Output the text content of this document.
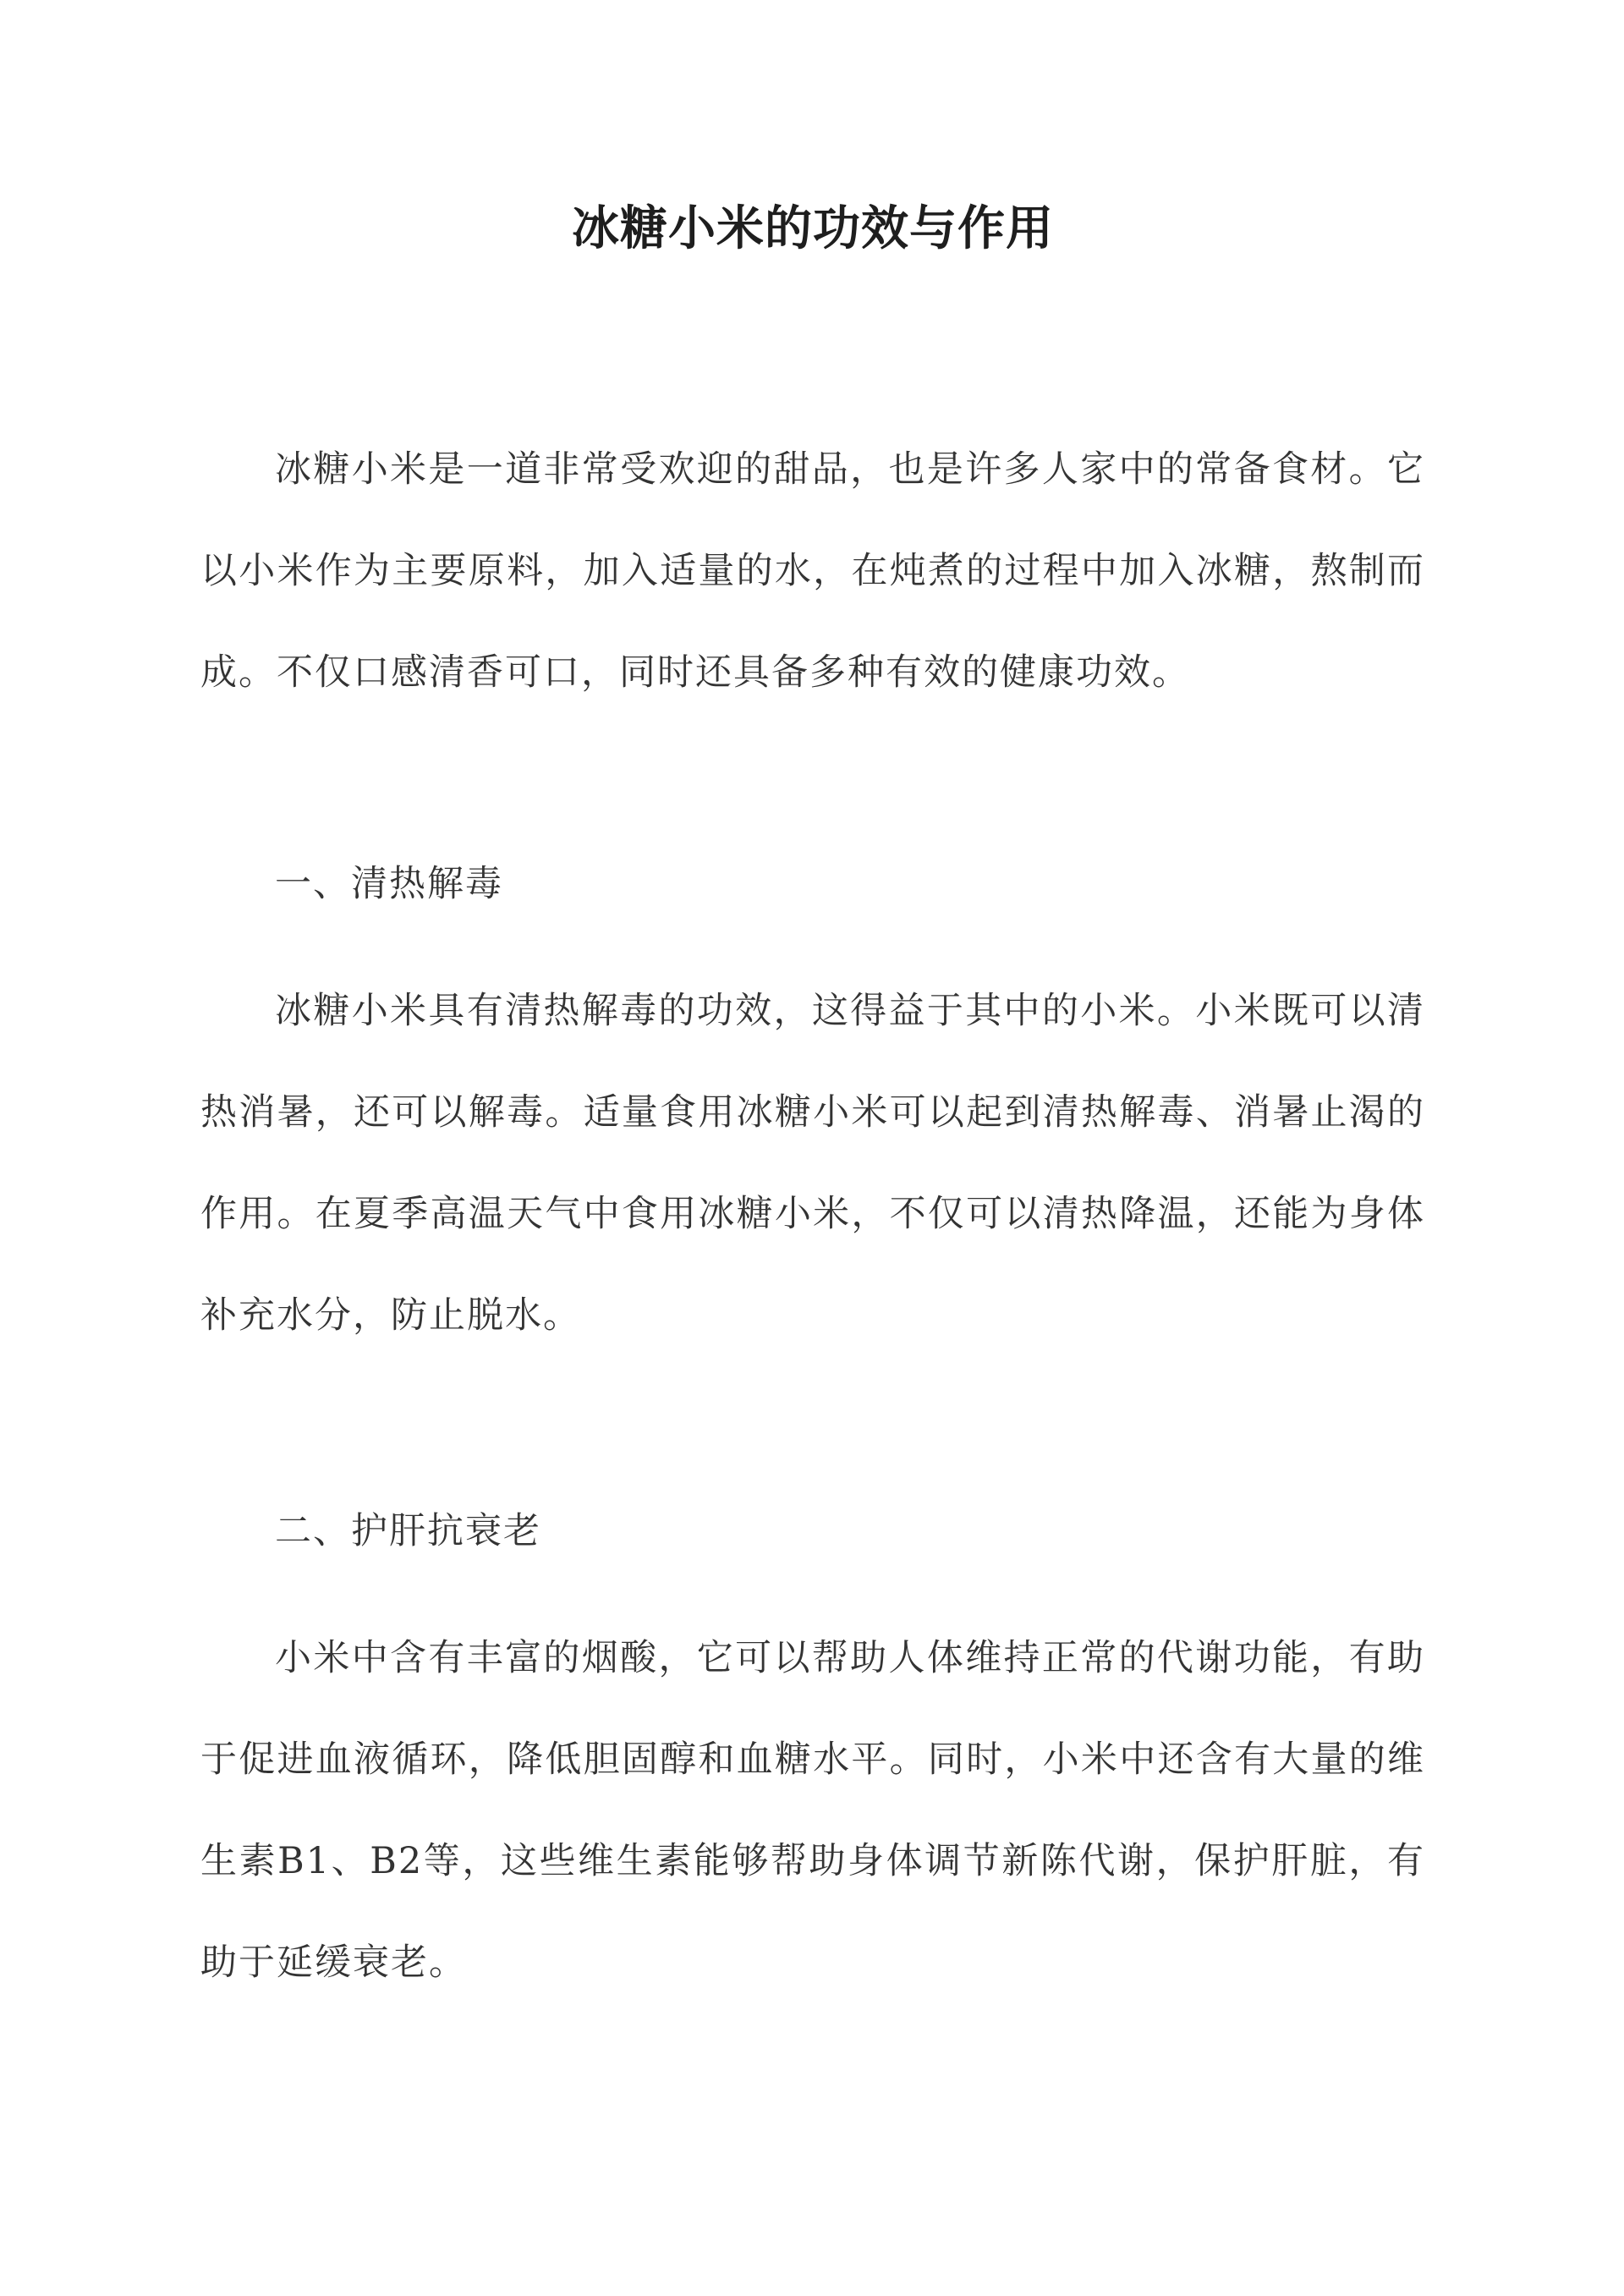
冰糖小米的功效与作用

冰糖小米是一道非常受欢迎的甜品，也是许多人家中的常备食材。它以小米作为主要原料，加入适量的水，在炖煮的过程中加入冰糖，熬制而成。不仅口感清香可口，同时还具备多种有效的健康功效。

一、清热解毒

冰糖小米具有清热解毒的功效，这得益于其中的小米。小米既可以清热消暑，还可以解毒。适量食用冰糖小米可以起到清热解毒、消暑止渴的作用。在夏季高温天气中食用冰糖小米，不仅可以清热降温，还能为身体补充水分，防止脱水。

二、护肝抗衰老

小米中含有丰富的烟酸，它可以帮助人体维持正常的代谢功能，有助于促进血液循环，降低胆固醇和血糖水平。同时，小米中还含有大量的维生素B1、B2等，这些维生素能够帮助身体调节新陈代谢，保护肝脏，有助于延缓衰老。
